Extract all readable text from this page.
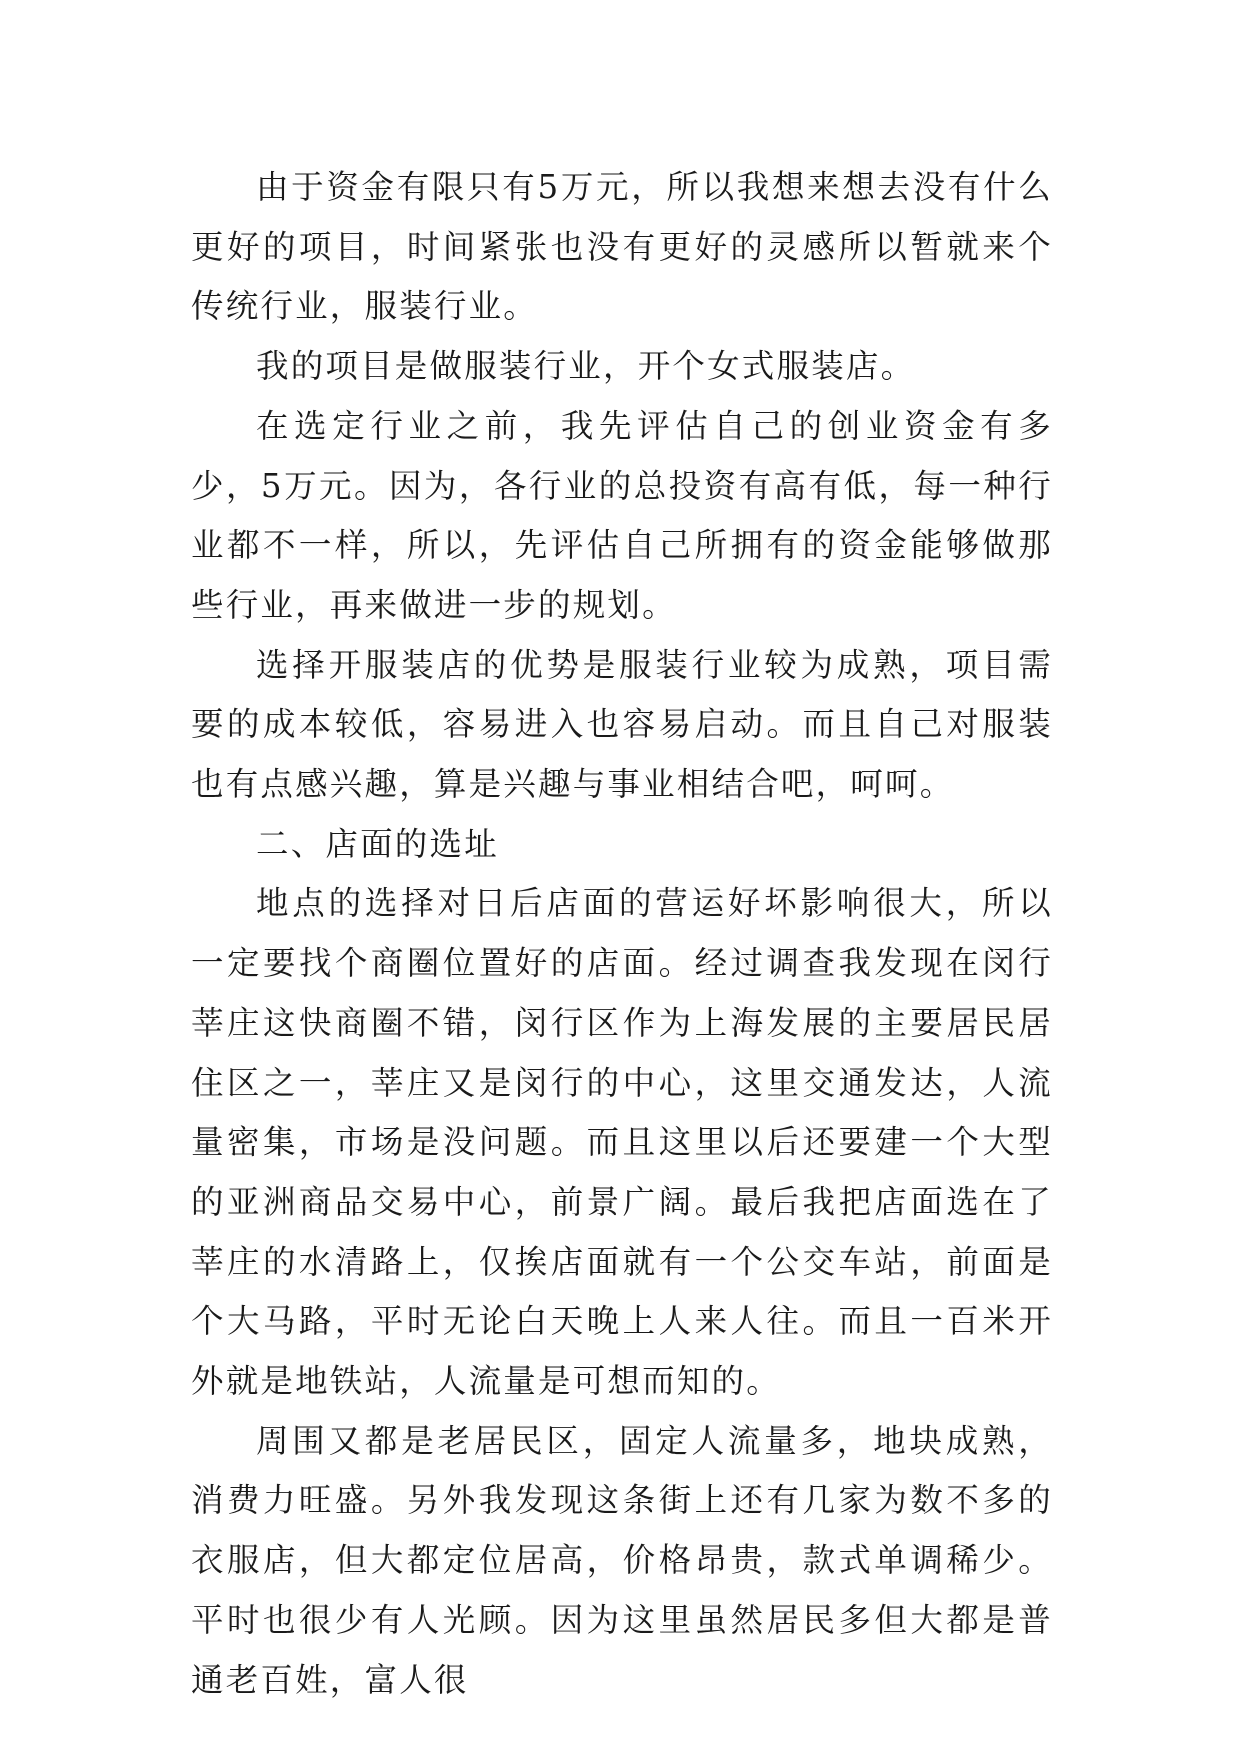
由于资金有限只有5万元，所以我想来想去没有什么更好的项目，时间紧张也没有更好的灵感所以暂就来个传统行业，服装行业。

我的项目是做服装行业，开个女式服装店。

在选定行业之前，我先评估自己的创业资金有多少，5万元。因为，各行业的总投资有高有低，每一种行业都不一样，所以，先评估自己所拥有的资金能够做那些行业，再来做进一步的规划。

选择开服装店的优势是服装行业较为成熟，项目需要的成本较低，容易进入也容易启动。而且自己对服装也有点感兴趣，算是兴趣与事业相结合吧，呵呵。

二、店面的选址

地点的选择对日后店面的营运好坏影响很大，所以一定要找个商圈位置好的店面。经过调查我发现在闵行莘庄这快商圈不错，闵行区作为上海发展的主要居民居住区之一，莘庄又是闵行的中心，这里交通发达，人流量密集，市场是没问题。而且这里以后还要建一个大型的亚洲商品交易中心，前景广阔。最后我把店面选在了莘庄的水清路上，仅挨店面就有一个公交车站，前面是个大马路，平时无论白天晚上人来人往。而且一百米开外就是地铁站，人流量是可想而知的。

周围又都是老居民区，固定人流量多，地块成熟，消费力旺盛。另外我发现这条街上还有几家为数不多的衣服店，但大都定位居高，价格昂贵，款式单调稀少。平时也很少有人光顾。因为这里虽然居民多但大都是普通老百姓，富人很
